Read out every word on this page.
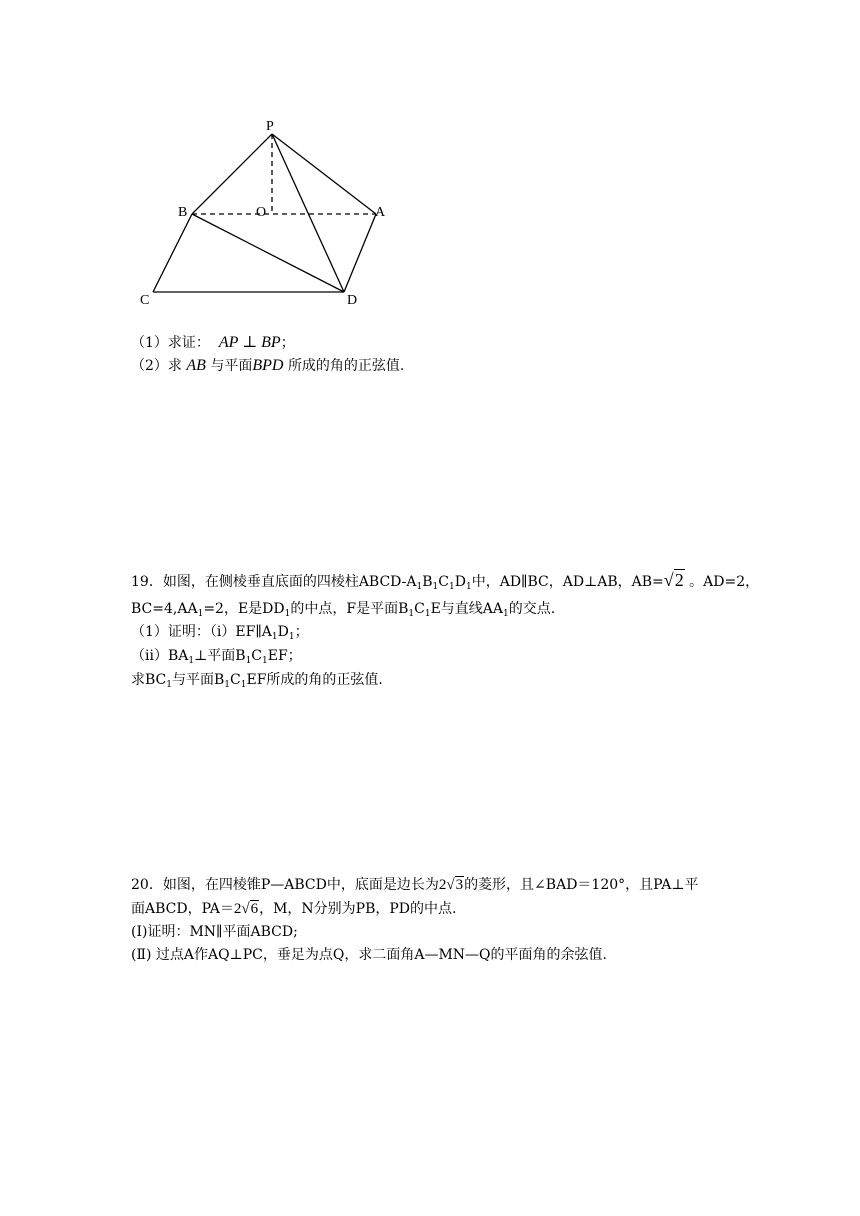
P
B	O	A
C	D
（1）求证： AP ⊥ BP；
（2）求 AB 与平面BPD 所成的角的正弦值.
19．如图，在侧棱垂直底面的四棱柱ABCD-$A_1B_1C_1D_1$中，AD∥BC，AD⊥AB，AB=√2 。AD=2，
$BC=4,AA_1=2$，E是$DD_1$的中点，F是平面$B_1C_1E$与直线$AA_1$的交点.
（1）证明：$(ⅰ)EF\parallel A_1D_1$；
$(ⅱ)BA_1\perp$平面$B_1C_1EF$；
求$BC_1$与平面$B_1C_1EF$所成的角的正弦值.
20．如图，在四棱锥P—ABCD中，底面是边长为2√3的菱形，且∠BAD＝120°，且PA⊥平
面ABCD，PA＝2√6，M，N分别为PB，PD的中点.
(Ⅰ)证明：MN∥平面ABCD;
(Ⅱ) 过点A作AQ⊥PC，垂足为点Q，求二面角A—MN—Q的平面角的余弦值.
